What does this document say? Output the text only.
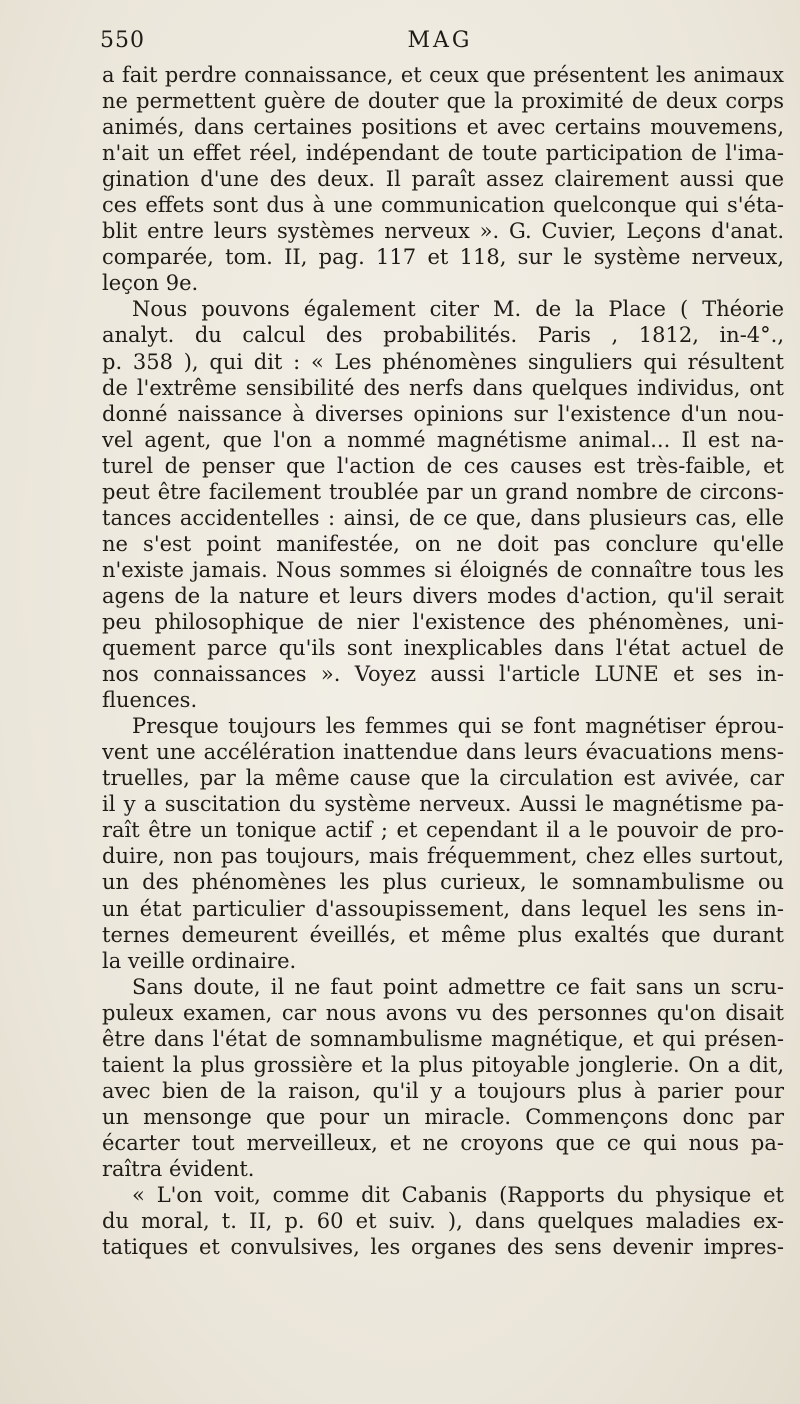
550	MAG
a fait perdre connaissance, et ceux que présentent les animaux
ne permettent guère de douter que la proximité de deux corps
animés, dans certaines positions et avec certains mouvemens,
n'ait un effet réel, indépendant de toute participation de l'ima-
gination d'une des deux. Il paraît assez clairement aussi que
ces effets sont dus à une communication quelconque qui s'éta-
blit entre leurs systèmes nerveux ». G. Cuvier, Leçons d'anat.
comparée, tom. II, pag. 117 et 118, sur le système nerveux,
leçon 9e.
Nous pouvons également citer M. de la Place ( Théorie
analyt. du calcul des probabilités. Paris , 1812, in-4°.,
p. 358 ), qui dit : « Les phénomènes singuliers qui résultent
de l'extrême sensibilité des nerfs dans quelques individus, ont
donné naissance à diverses opinions sur l'existence d'un nou-
vel agent, que l'on a nommé magnétisme animal... Il est na-
turel de penser que l'action de ces causes est très-faible, et
peut être facilement troublée par un grand nombre de circons-
tances accidentelles : ainsi, de ce que, dans plusieurs cas, elle
ne s'est point manifestée, on ne doit pas conclure qu'elle
n'existe jamais. Nous sommes si éloignés de connaître tous les
agens de la nature et leurs divers modes d'action, qu'il serait
peu philosophique de nier l'existence des phénomènes, uni-
quement parce qu'ils sont inexplicables dans l'état actuel de
nos connaissances ». Voyez aussi l'article LUNE et ses in-
fluences.
Presque toujours les femmes qui se font magnétiser éprou-
vent une accélération inattendue dans leurs évacuations mens-
truelles, par la même cause que la circulation est avivée, car
il y a suscitation du système nerveux. Aussi le magnétisme pa-
raît être un tonique actif ; et cependant il a le pouvoir de pro-
duire, non pas toujours, mais fréquemment, chez elles surtout,
un des phénomènes les plus curieux, le somnambulisme ou
un état particulier d'assoupissement, dans lequel les sens in-
ternes demeurent éveillés, et même plus exaltés que durant
la veille ordinaire.
Sans doute, il ne faut point admettre ce fait sans un scru-
puleux examen, car nous avons vu des personnes qu'on disait
être dans l'état de somnambulisme magnétique, et qui présen-
taient la plus grossière et la plus pitoyable jonglerie. On a dit,
avec bien de la raison, qu'il y a toujours plus à parier pour
un mensonge que pour un miracle. Commençons donc par
écarter tout merveilleux, et ne croyons que ce qui nous pa-
raîtra évident.
« L'on voit, comme dit Cabanis (Rapports du physique et
du moral, t. II, p. 60 et suiv. ), dans quelques maladies ex-
tatiques et convulsives, les organes des sens devenir impres-
